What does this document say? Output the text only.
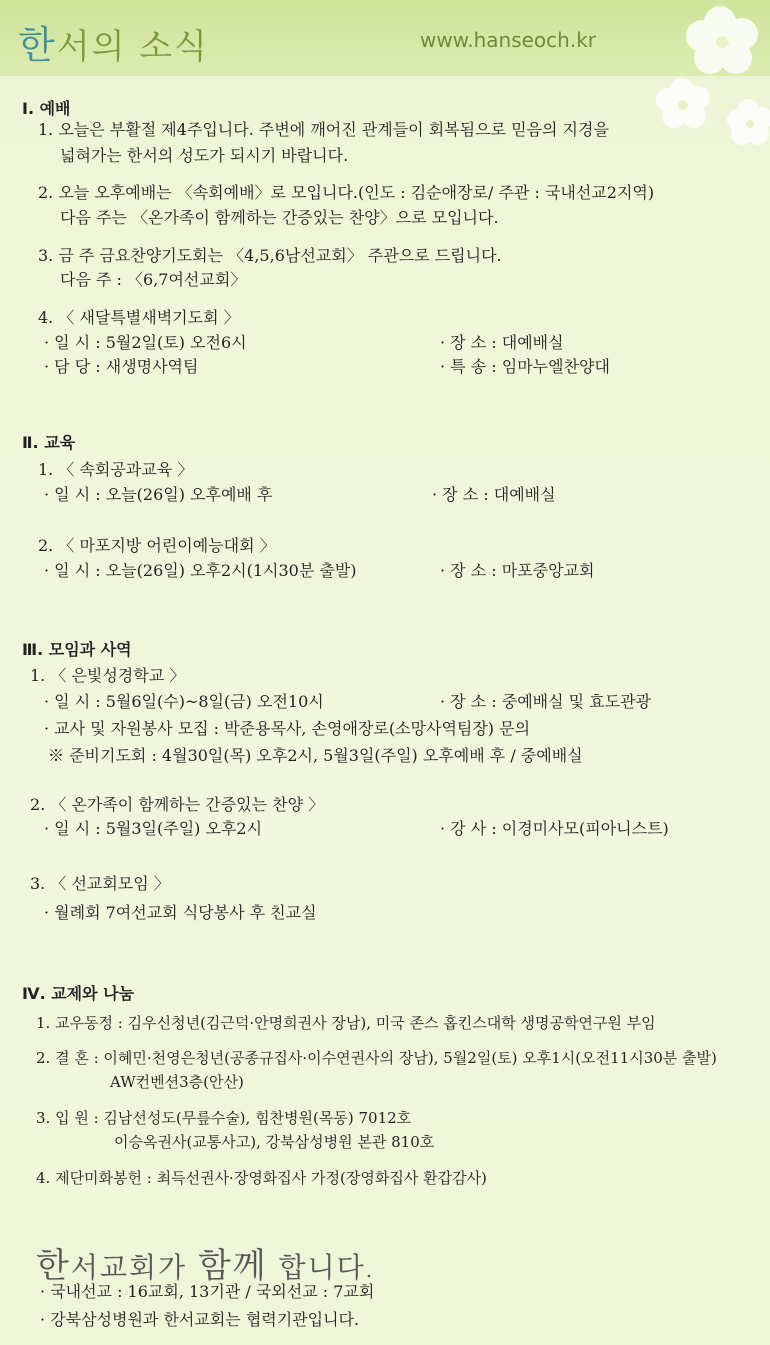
한서의 소식	www.hanseoch.kr
Ⅰ. 예배
1. 오늘은 부활절 제4주입니다. 주변에 깨어진 관계들이 회복됨으로 믿음의 지경을
넓혀가는 한서의 성도가 되시기 바랍니다.
2. 오늘 오후예배는 〈속회예배〉로 모입니다.(인도 : 김순애장로/ 주관 : 국내선교2지역)
다음 주는 〈온가족이 함께하는 간증있는 찬양〉으로 모입니다.
3. 금 주 금요찬양기도회는 〈4,5,6남선교회〉 주관으로 드립니다.
다음 주 : 〈6,7여선교회〉
4. 〈 새달특별새벽기도회 〉
· 일 시 : 5월2일(토) 오전6시	· 장 소 : 대예배실
· 담 당 : 새생명사역팀	· 특 송 : 임마누엘찬양대
Ⅱ. 교육
1. 〈 속회공과교육 〉
· 일 시 : 오늘(26일) 오후예배 후	· 장 소 : 대예배실
2. 〈 마포지방 어린이예능대회 〉
· 일 시 : 오늘(26일) 오후2시(1시30분 출발)	· 장 소 : 마포중앙교회
Ⅲ. 모임과 사역
1. 〈 은빛성경학교 〉
· 일 시 : 5월6일(수)~8일(금) 오전10시	· 장 소 : 중예배실 및 효도관광
· 교사 및 자원봉사 모집 : 박준용목사, 손영애장로(소망사역팀장) 문의
※ 준비기도회 : 4월30일(목) 오후2시, 5월3일(주일) 오후예배 후 / 중예배실
2. 〈 온가족이 함께하는 간증있는 찬양 〉
· 일 시 : 5월3일(주일) 오후2시	· 강 사 : 이경미사모(피아니스트)
3. 〈 선교회모임 〉
· 월례회 7여선교회 식당봉사 후 친교실
Ⅳ. 교제와 나눔
1. 교우동정 : 김우신청년(김근덕·안명희권사 장남), 미국 존스 홉킨스대학 생명공학연구원 부임
2. 결 혼 : 이혜민·천영은청년(공종규집사·이수연권사의 장남), 5월2일(토) 오후1시(오전11시30분 출발)
AW컨벤션3층(안산)
3. 입 원 : 김남선성도(무릎수술), 힘찬병원(목동) 7012호
이승옥권사(교통사고), 강북삼성병원 본관 810호
4. 제단미화봉헌 : 최득선권사·장영화집사 가정(장영화집사 환갑감사)
한서교회가 함께 합니다.
· 국내선교 : 16교회, 13기관 / 국외선교 : 7교회
· 강북삼성병원과 한서교회는 협력기관입니다.
